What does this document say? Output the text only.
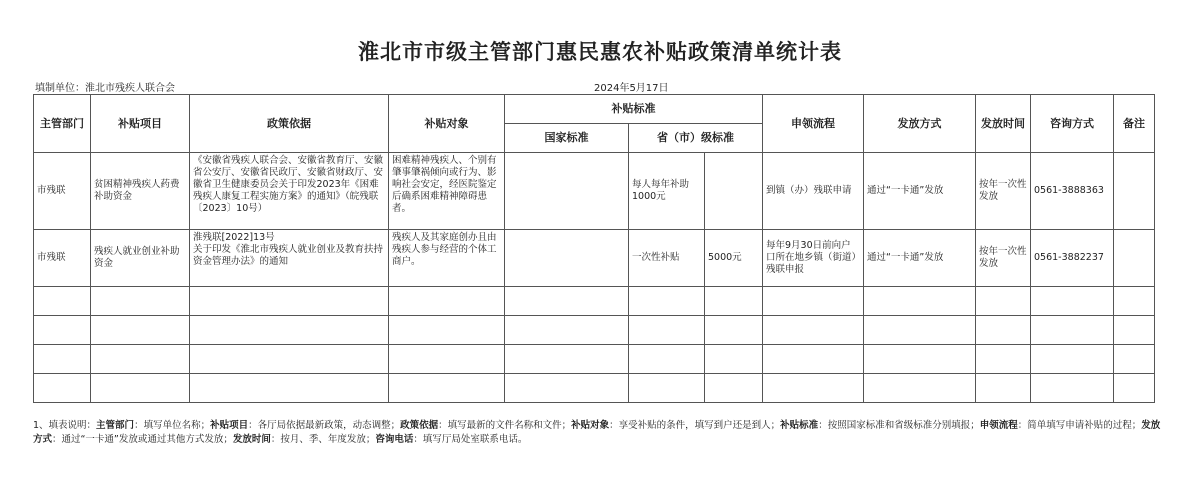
淮北市市级主管部门惠民惠农补贴政策清单统计表
填制单位：淮北市残疾人联合会	2024年5月17日
主管部门	补贴项目	政策依据	补贴对象	补贴标准			申领流程	发放方式	发放时间	咨询方式	备注
				国家标准	省（市）级标准						
市残联	贫困精神残疾人药费补助资金	《安徽省残疾人联合会、安徽省教育厅、安徽省公安厅、安徽省民政厅、安徽省财政厅、安徽省卫生健康委员会关于印发2023年《困难残疾人康复工程实施方案》的通知》（皖残联〔2023〕10号）	困难精神残疾人、个别有肇事肇祸倾向或行为、影响社会安定，经医院鉴定后确系困难精神障碍患者。		每人每年补助1000元		到镇（办）残联申请	通过“一卡通”发放	按年一次性发放	0561-3888363	
市残联	残疾人就业创业补助资金	淮残联[2022]13号
关于印发《淮北市残疾人就业创业及教育扶持资金管理办法》的通知	残疾人及其家庭创办且由残疾人参与经营的个体工商户。		一次性补贴	5000元	每年9月30日前向户口所在地乡镇（街道）残联申报	通过“一卡通”发放	按年一次性发放	0561-3882237	

1、填表说明：主管部门：填写单位名称；补贴项目：各厅局依据最新政策，动态调整；政策依据：填写最新的文件名称和文件；补贴对象：享受补贴的条件，填写到户还是到人；补贴标准：按照国家标准和省级标准分别填报；申领流程：简单填写申请补贴的过程；发放方式：通过“一卡通”发放或通过其他方式发放；发放时间：按月、季、年度发放；咨询电话：填写厅局处室联系电话。
